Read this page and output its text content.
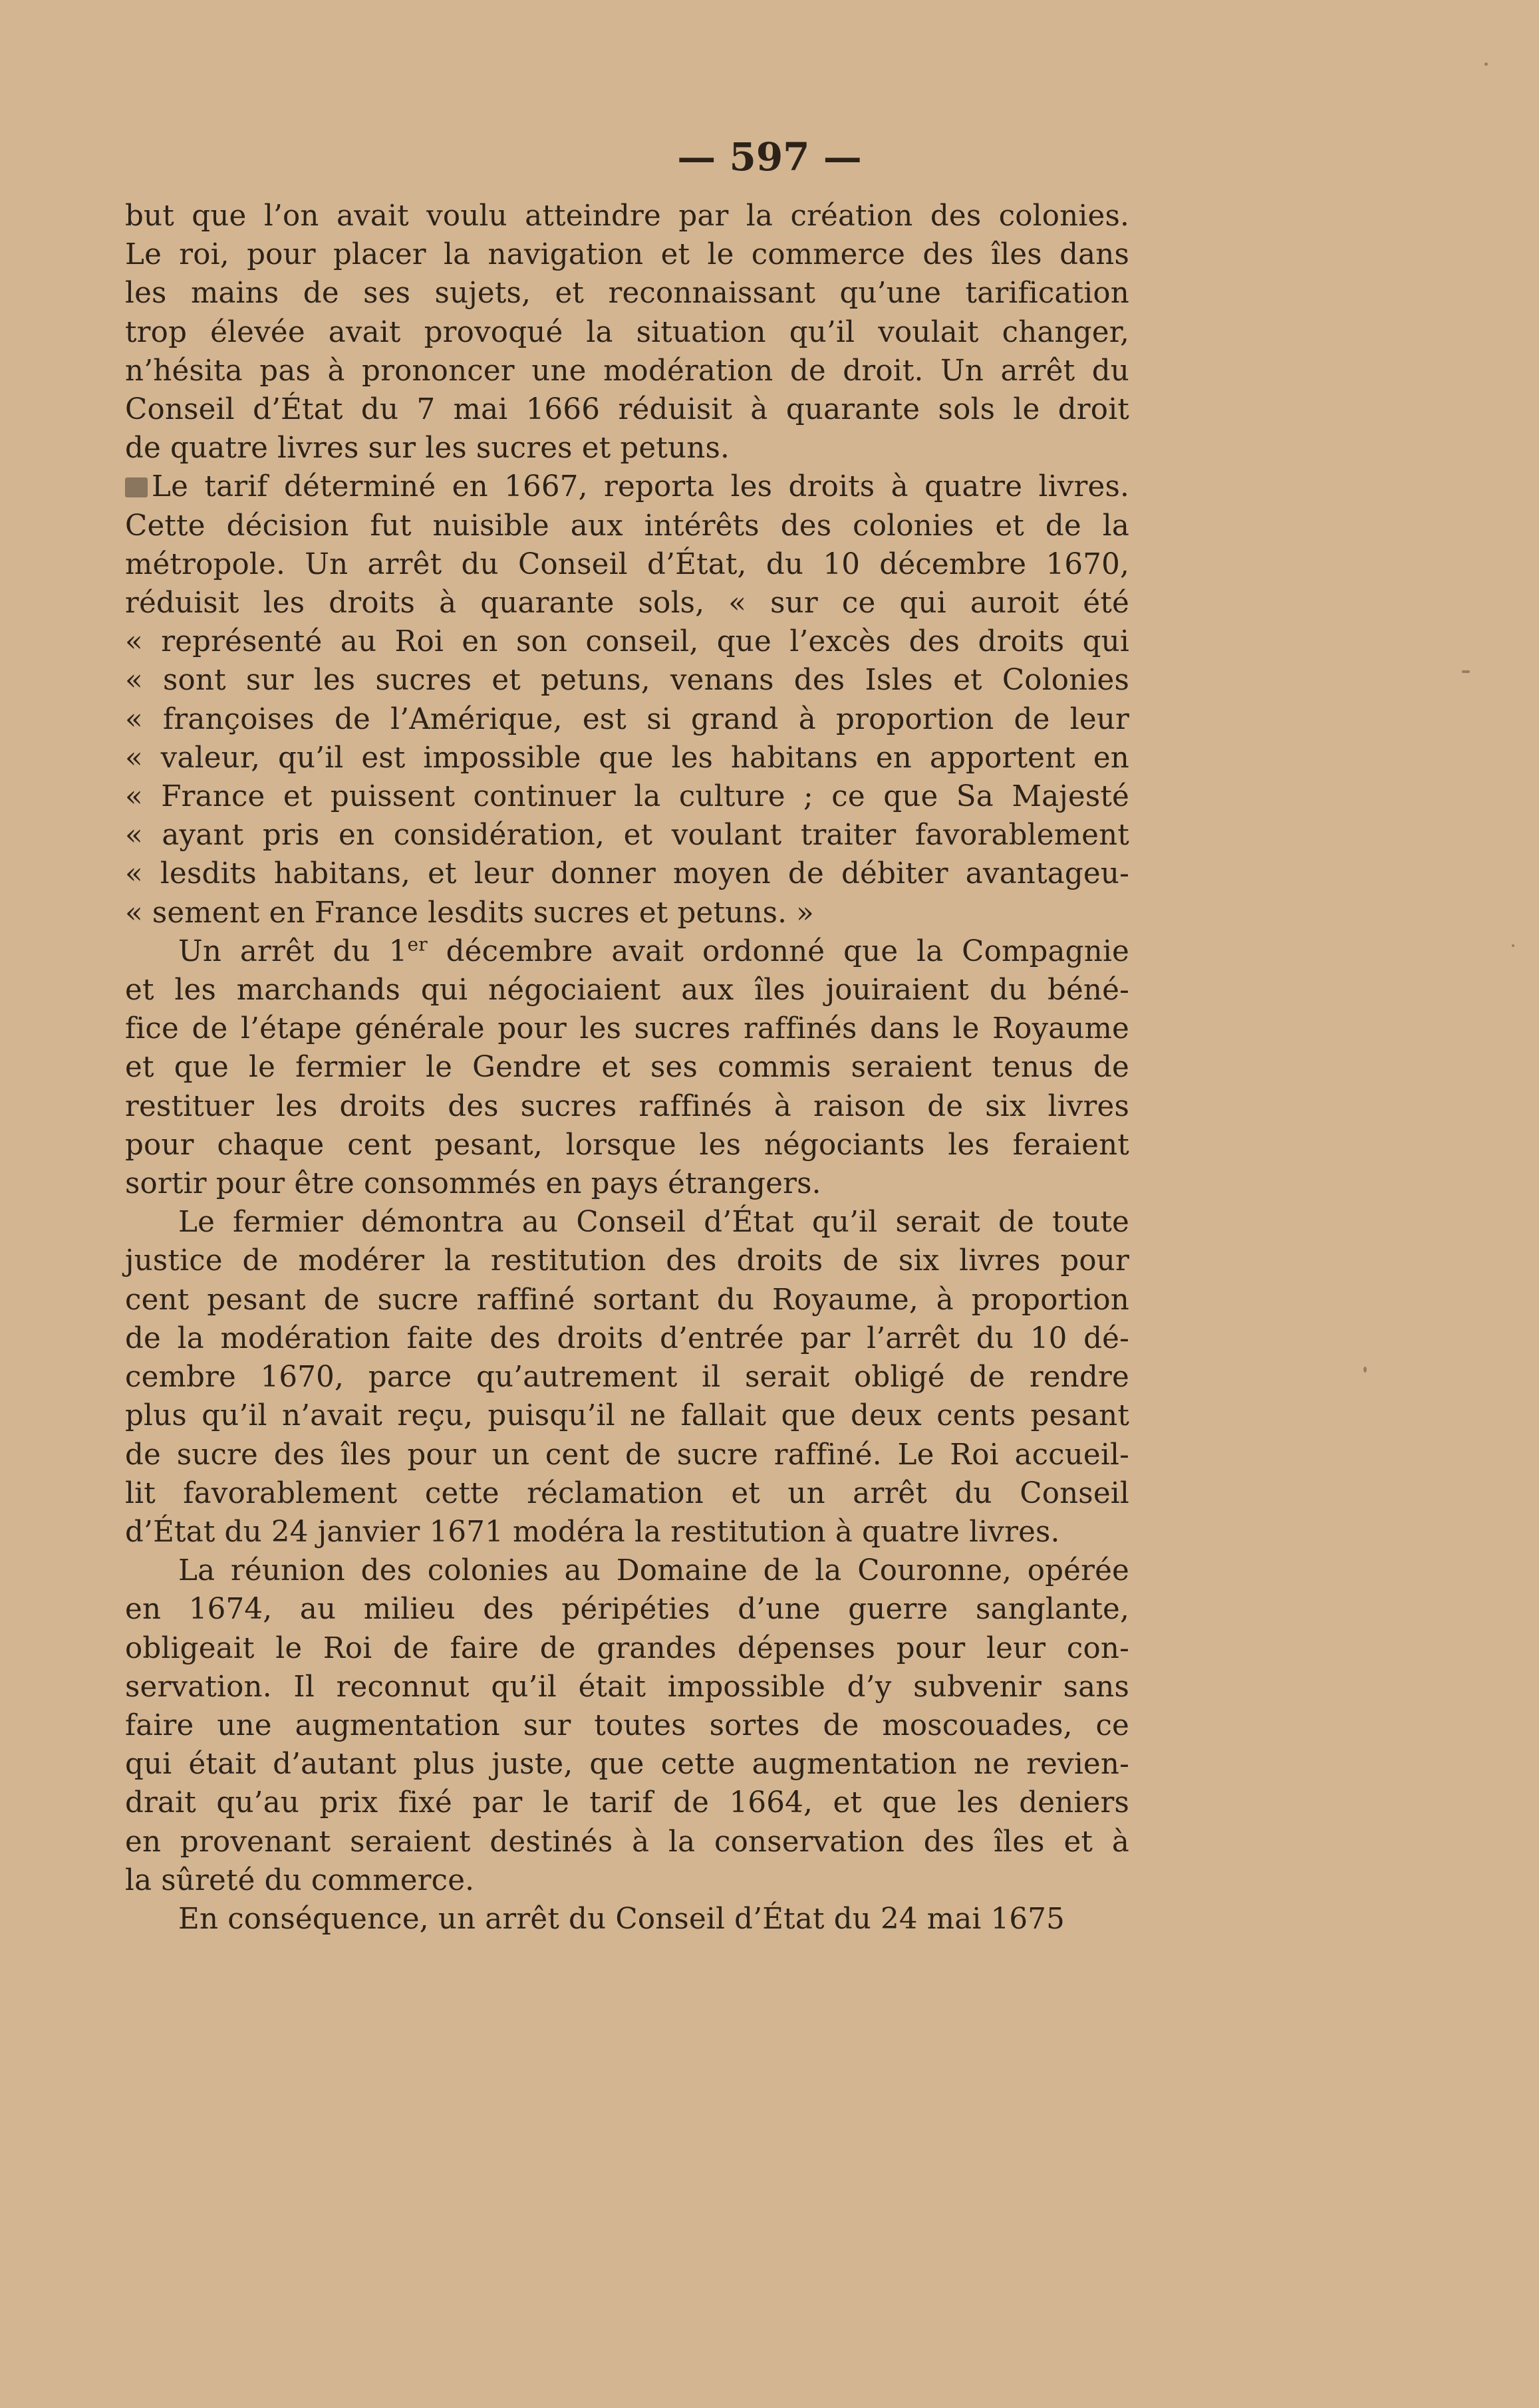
— 597 —
but que l’on avait voulu atteindre par la création des colonies.
Le roi, pour placer la navigation et le commerce des îles dans
les mains de ses sujets, et reconnaissant qu’une tarification
trop élevée avait provoqué la situation qu’il voulait changer,
n’hésita pas à prononcer une modération de droit. Un arrêt du
Conseil d’État du 7 mai 1666 réduisit à quarante sols le droit
de quatre livres sur les sucres et petuns.
Le tarif déterminé en 1667, reporta les droits à quatre livres.
Cette décision fut nuisible aux intérêts des colonies et de la
métropole. Un arrêt du Conseil d’État, du 10 décembre 1670,
réduisit les droits à quarante sols, « sur ce qui auroit été
« représenté au Roi en son conseil, que l’excès des droits qui
« sont sur les sucres et petuns, venans des Isles et Colonies
« françoises de l’Amérique, est si grand à proportion de leur
« valeur, qu’il est impossible que les habitans en apportent en
« France et puissent continuer la culture ; ce que Sa Majesté
« ayant pris en considération, et voulant traiter favorablement
« lesdits habitans, et leur donner moyen de débiter avantageu-
« sement en France lesdits sucres et petuns. »
Un arrêt du 1er décembre avait ordonné que la Compagnie
et les marchands qui négociaient aux îles jouiraient du béné-
fice de l’étape générale pour les sucres raffinés dans le Royaume
et que le fermier le Gendre et ses commis seraient tenus de
restituer les droits des sucres raffinés à raison de six livres
pour chaque cent pesant, lorsque les négociants les feraient
sortir pour être consommés en pays étrangers.
Le fermier démontra au Conseil d’État qu’il serait de toute
justice de modérer la restitution des droits de six livres pour
cent pesant de sucre raffiné sortant du Royaume, à proportion
de la modération faite des droits d’entrée par l’arrêt du 10 dé-
cembre 1670, parce qu’autrement il serait obligé de rendre
plus qu’il n’avait reçu, puisqu’il ne fallait que deux cents pesant
de sucre des îles pour un cent de sucre raffiné. Le Roi accueil-
lit favorablement cette réclamation et un arrêt du Conseil
d’État du 24 janvier 1671 modéra la restitution à quatre livres.
La réunion des colonies au Domaine de la Couronne, opérée
en 1674, au milieu des péripéties d’une guerre sanglante,
obligeait le Roi de faire de grandes dépenses pour leur con-
servation. Il reconnut qu’il était impossible d’y subvenir sans
faire une augmentation sur toutes sortes de moscouades, ce
qui était d’autant plus juste, que cette augmentation ne revien-
drait qu’au prix fixé par le tarif de 1664, et que les deniers
en provenant seraient destinés à la conservation des îles et à
la sûreté du commerce.
En conséquence, un arrêt du Conseil d’État du 24 mai 1675
